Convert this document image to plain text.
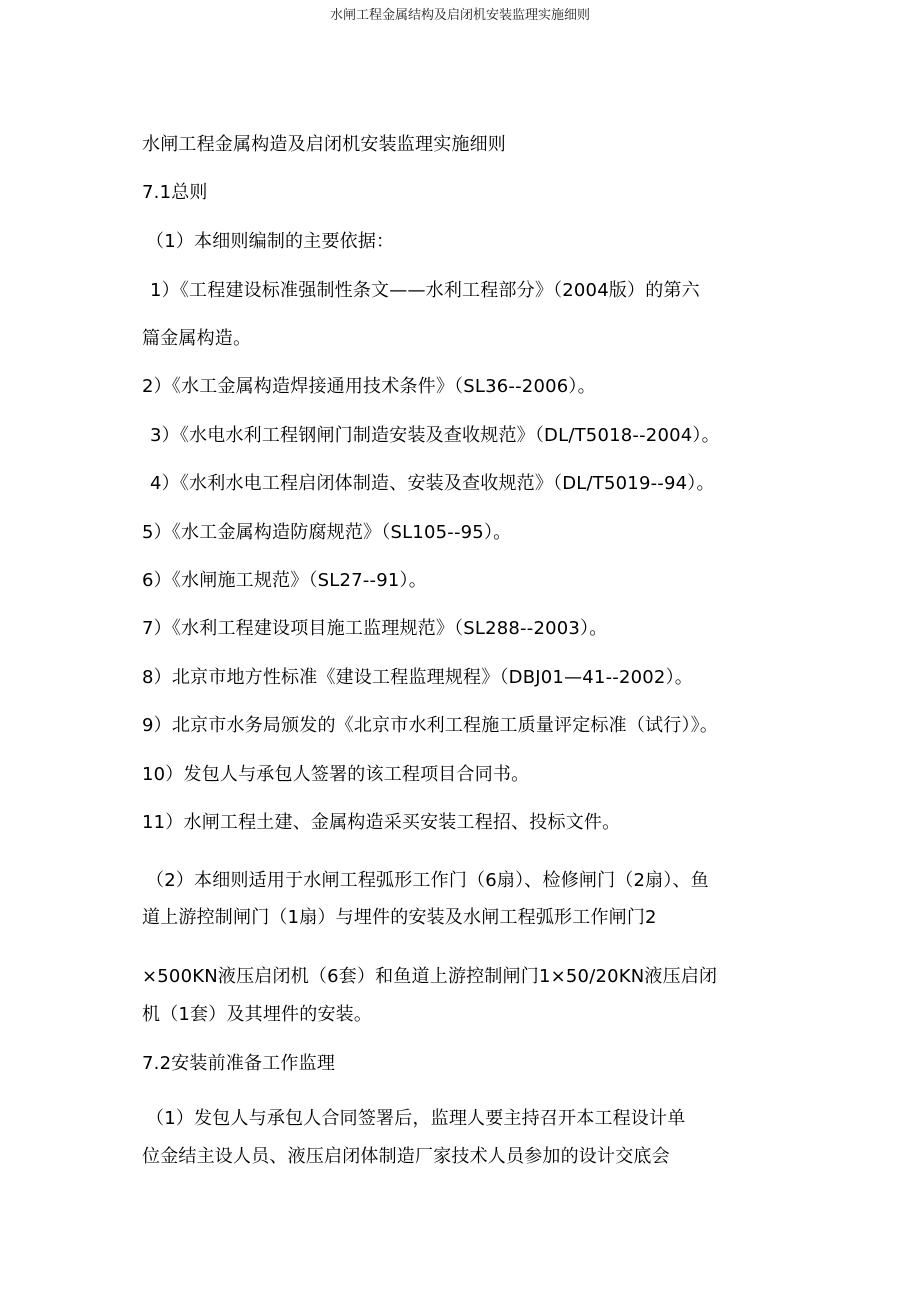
水闸工程金属结构及启闭机安装监理实施细则
水闸工程金属构造及启闭机安装监理实施细则
7.1总则
（1）本细则编制的主要依据：
1）《工程建设标准强制性条文——水利工程部分》（2004版）的第六
篇金属构造。
2）《水工金属构造焊接通用技术条件》（SL36--2006）。
3）《水电水利工程钢闸门制造安装及查收规范》（DL/T5018--2004）。
4）《水利水电工程启闭体制造、安装及查收规范》（DL/T5019--94）。
5）《水工金属构造防腐规范》（SL105--95）。
6）《水闸施工规范》（SL27--91）。
7）《水利工程建设项目施工监理规范》（SL288--2003）。
8）北京市地方性标准《建设工程监理规程》（DBJ01—41--2002）。
9）北京市水务局颁发的《北京市水利工程施工质量评定标准（试行）》。
10）发包人与承包人签署的该工程项目合同书。
11）水闸工程土建、金属构造采买安装工程招、投标文件。
（2）本细则适用于水闸工程弧形工作门（6扇）、检修闸门（2扇）、鱼
道上游控制闸门（1扇）与埋件的安装及水闸工程弧形工作闸门2
×500KN液压启闭机（6套）和鱼道上游控制闸门1×50/20KN液压启闭
机（1套）及其埋件的安装。
7.2安装前准备工作监理
（1）发包人与承包人合同签署后，监理人要主持召开本工程设计单
位金结主设人员、液压启闭体制造厂家技术人员参加的设计交底会
